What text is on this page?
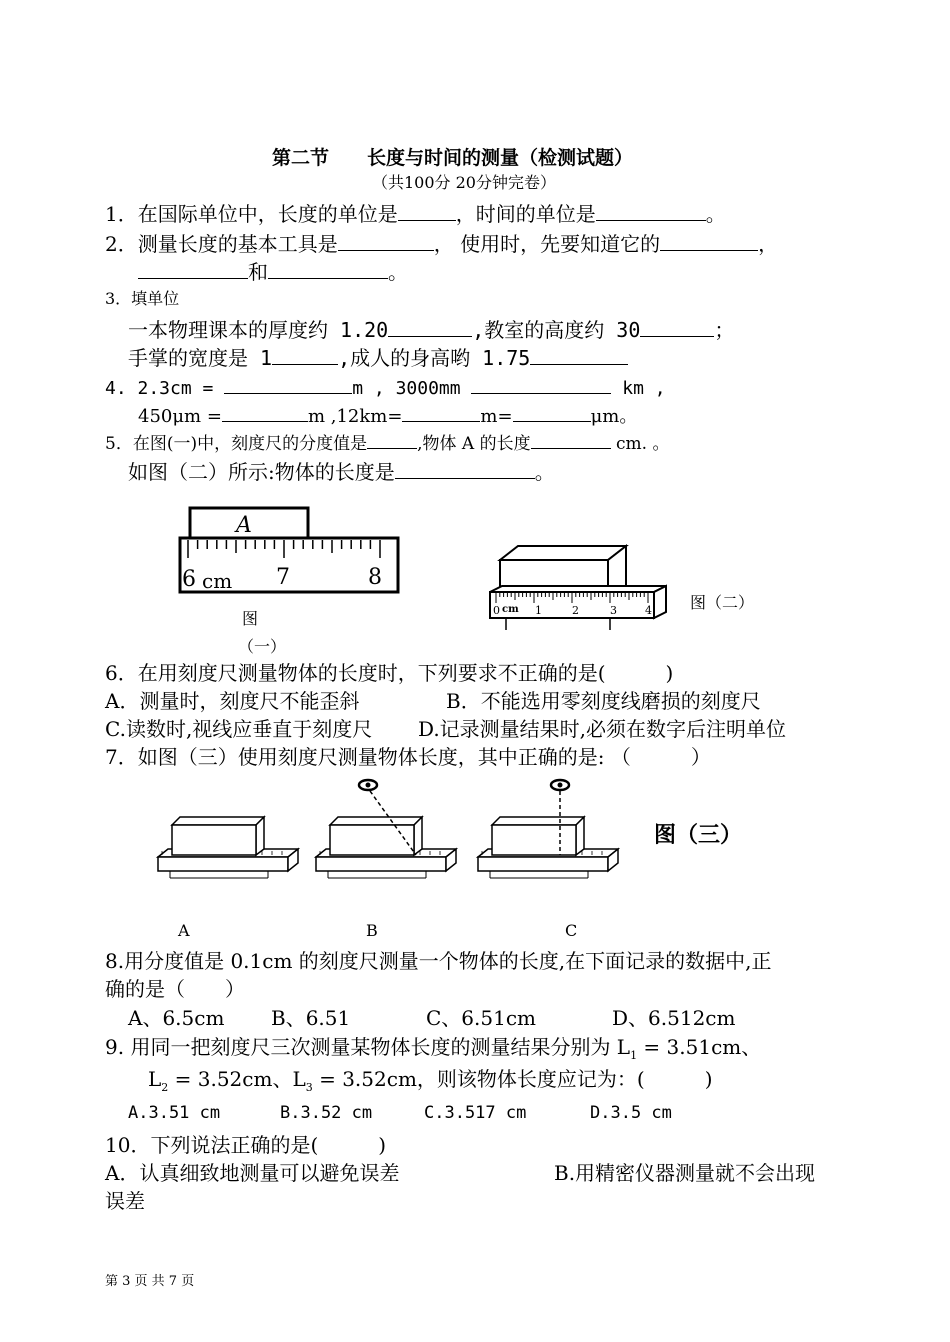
第二节　　长度与时间的测量（检测试题）
（共100分 20分钟完卷）
1．在国际单位中，长度的单位是	，时间的单位是	。
2．测量长度的基本工具是	， 使用时，先要知道它的	，
和	。
3．填单位
一本物理课本的厚度约 1.20	,教室的高度约 30	；
手掌的宽度是 1	,成人的身高哟 1.75
4. 2.3cm =	m , 3000mm	km ,
450μm =	m ,12km=	m=	μm。
5．在图(一)中，刻度尺的分度值是	,物体 A 的长度	cm. 。
如图（二）所示:物体的长度是	。
A
6 cm 7	8
图
（一）
0 cm 1	2	3	4 图（二）
6．在用刻度尺测量物体的长度时，下列要求不正确的是(　　　)
A．测量时，刻度尺不能歪斜	B．不能选用零刻度线磨损的刻度尺
C.读数时,视线应垂直于刻度尺 D.记录测量结果时,必须在数字后注明单位
7．如图（三）使用刻度尺测量物体长度，其中正确的是: （　　　）
图（三）
A	B	C
8.用分度值是 0.1cm 的刻度尺测量一个物体的长度,在下面记录的数据中,正
确的是（　　）
A、6.5cm B、6.51	C、6.51cm	D、6.512cm
9. 用同一把刻度尺三次测量某物体长度的测量结果分别为 $L_1 = 3.51cm$、
$L_2 = 3.52cm$、$L_3 = 3.52cm$，则该物体长度应记为：(　　　)
A.3.51 cm	B.3.52 cm	C.3.517 cm	D.3.5 cm
10．下列说法正确的是(　　　)
A．认真细致地测量可以避免误差	B.用精密仪器测量就不会出现
误差
第 3 页 共 7 页
